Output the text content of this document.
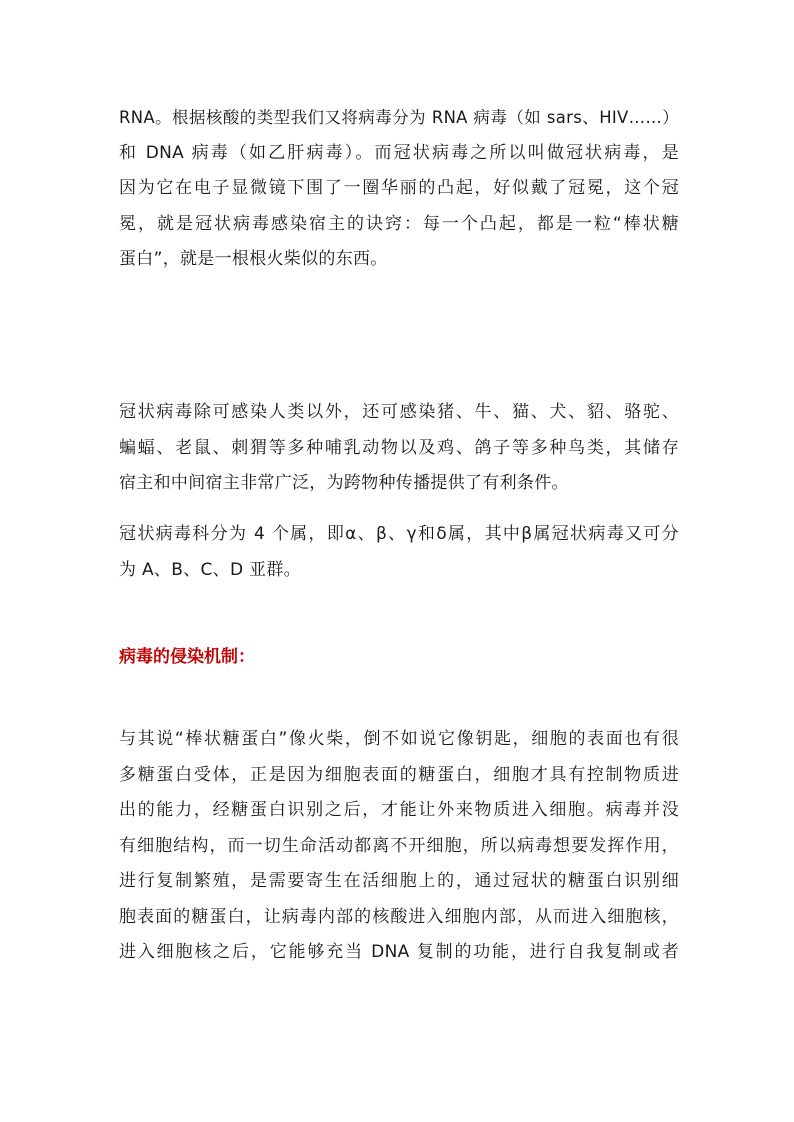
RNA。根据核酸的类型我们又将病毒分为 RNA 病毒（如 sars、HIV……）
和 DNA 病毒（如乙肝病毒）。而冠状病毒之所以叫做冠状病毒，是
因为它在电子显微镜下围了一圈华丽的凸起，好似戴了冠冕，这个冠
冕，就是冠状病毒感染宿主的诀窍：每一个凸起，都是一粒“棒状糖
蛋白”，就是一根根火柴似的东西。

冠状病毒除可感染人类以外，还可感染猪、牛、猫、犬、貂、骆驼、
蝙蝠、老鼠、刺猬等多种哺乳动物以及鸡、鸽子等多种鸟类，其储存
宿主和中间宿主非常广泛，为跨物种传播提供了有利条件。

冠状病毒科分为 4 个属，即α、β、γ和δ属，其中β属冠状病毒又可分
为 A、B、C、D 亚群。

病毒的侵染机制：

与其说“棒状糖蛋白”像火柴，倒不如说它像钥匙，细胞的表面也有很
多糖蛋白受体，正是因为细胞表面的糖蛋白，细胞才具有控制物质进
出的能力，经糖蛋白识别之后，才能让外来物质进入细胞。病毒并没
有细胞结构，而一切生命活动都离不开细胞，所以病毒想要发挥作用，
进行复制繁殖，是需要寄生在活细胞上的，通过冠状的糖蛋白识别细
胞表面的糖蛋白，让病毒内部的核酸进入细胞内部，从而进入细胞核，
进入细胞核之后，它能够充当 DNA 复制的功能，进行自我复制或者
